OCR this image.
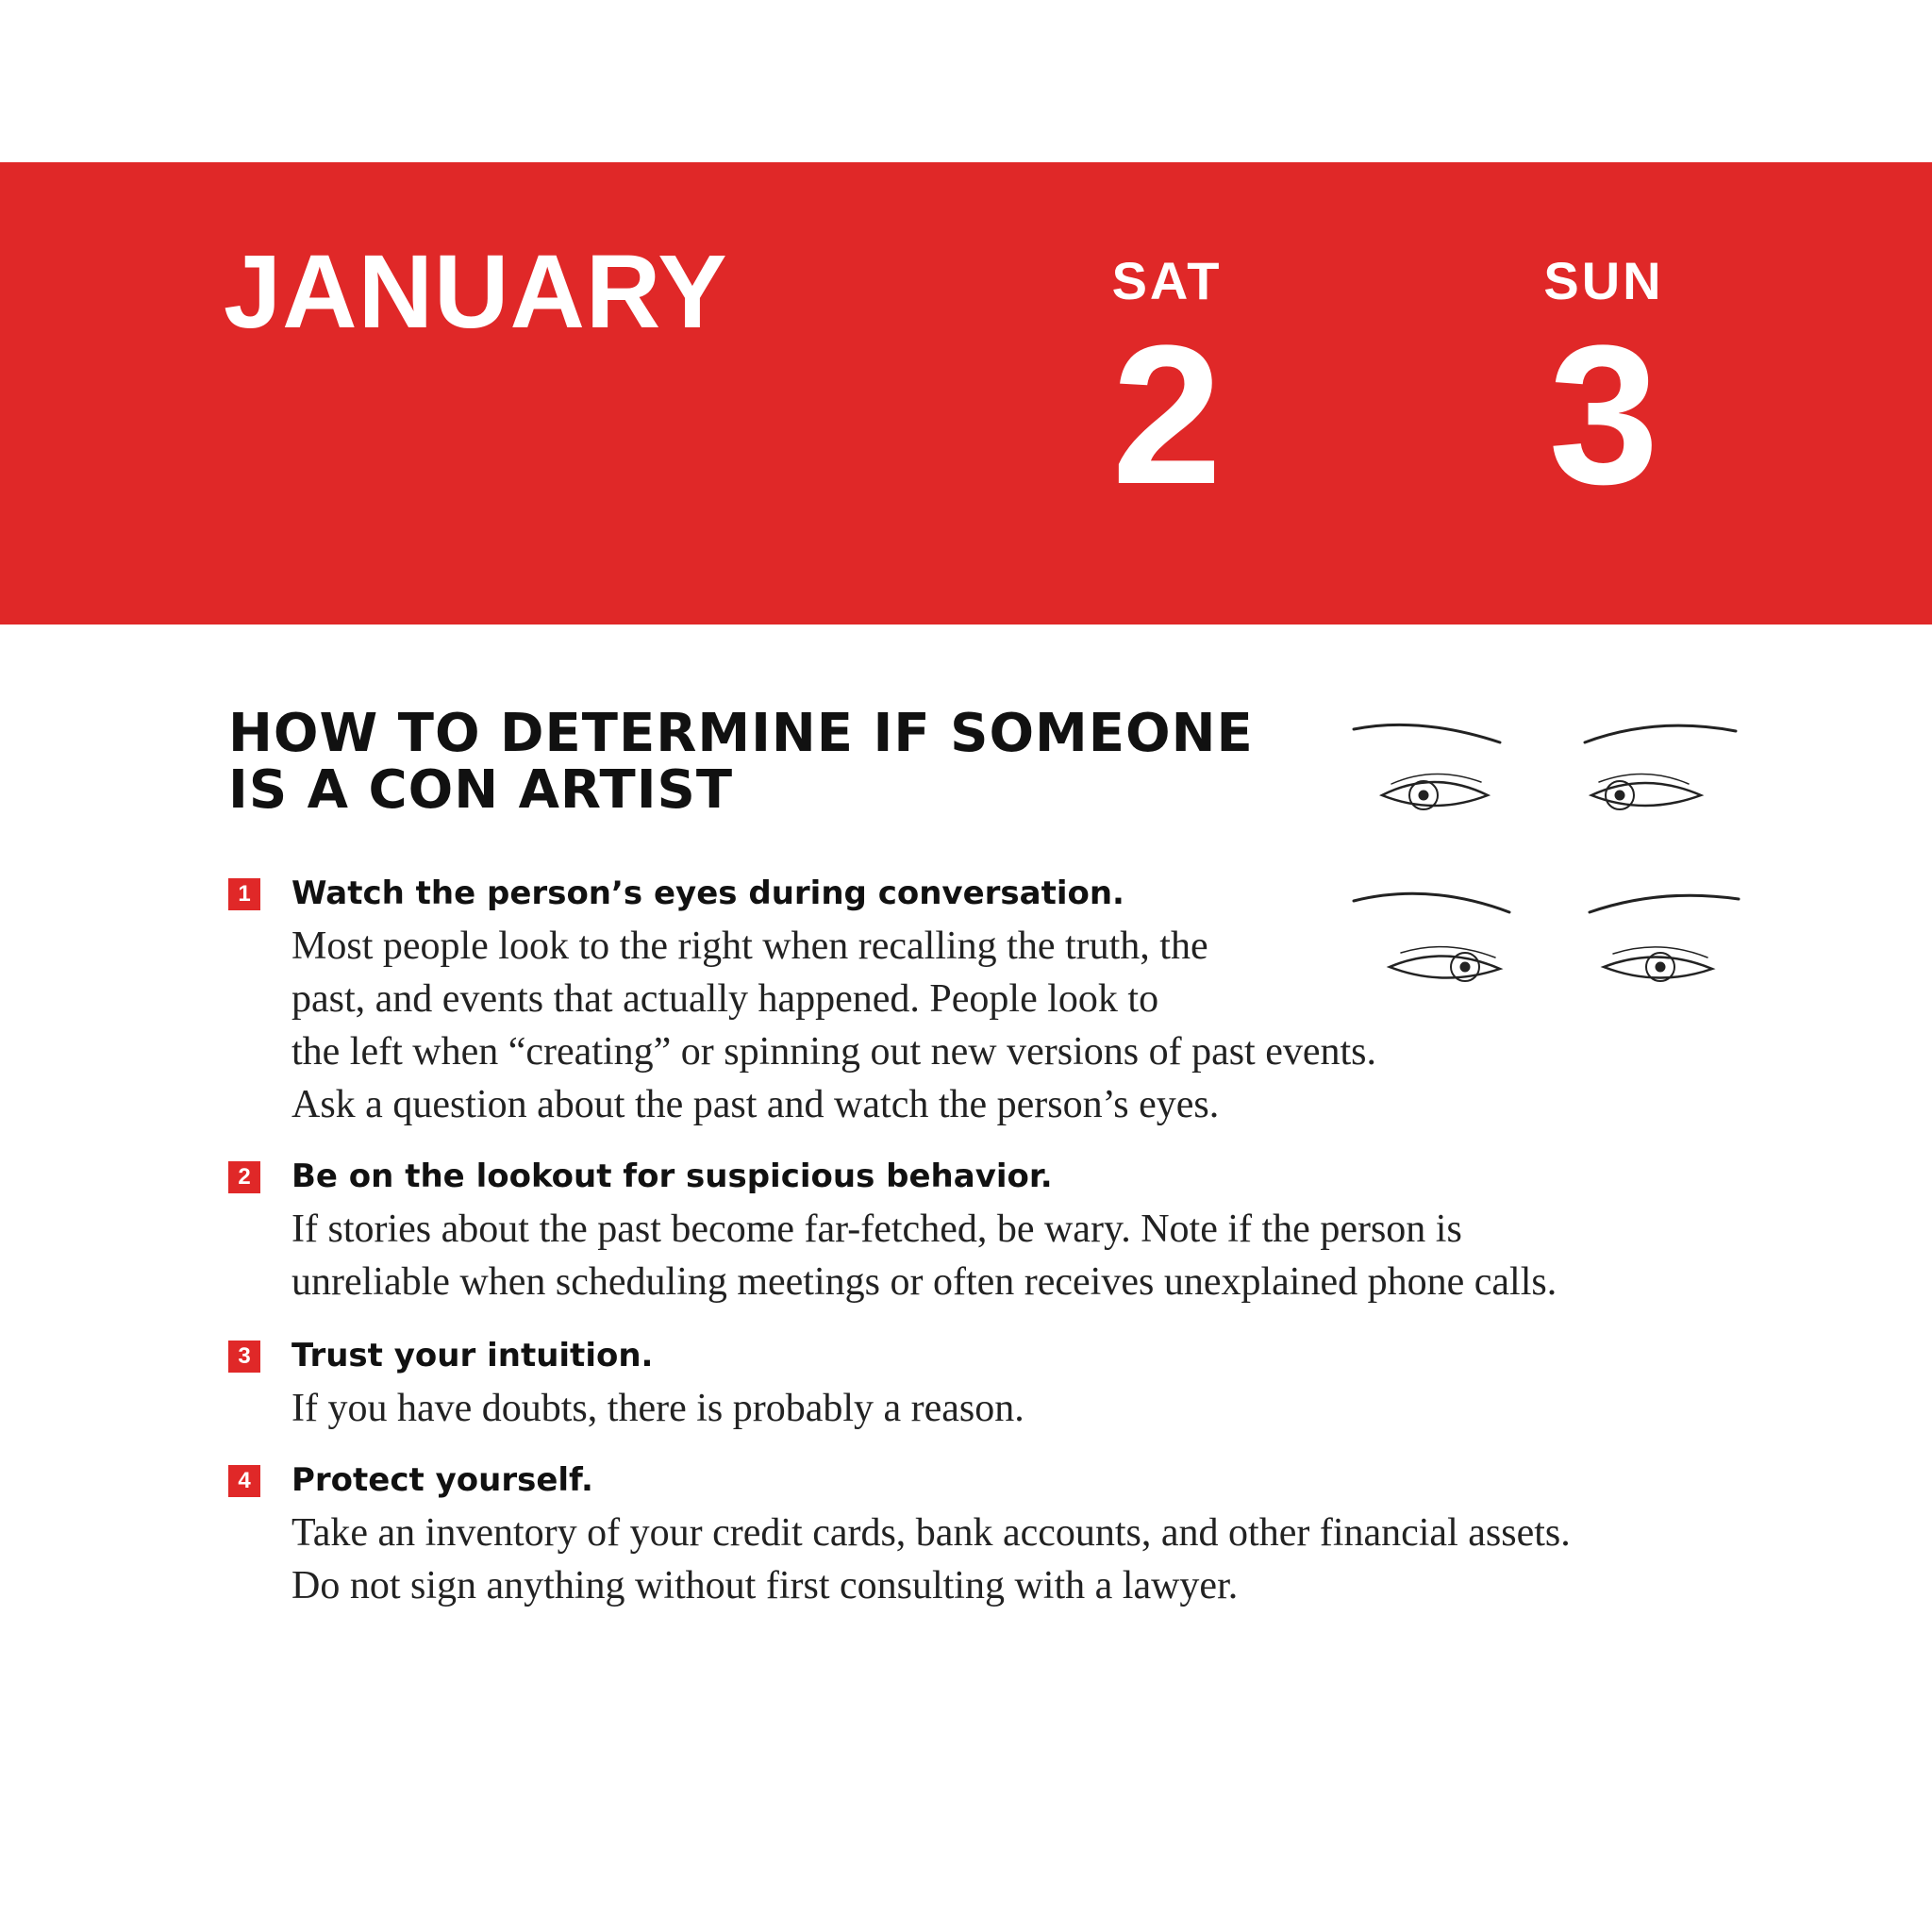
JANUARY	SAT
2
SUN
3
HOW TO DETERMINE IF SOMEONE
IS A CON ARTIST
1	Watch the person’s eyes during conversation.
Most people look to the right when recalling the truth, the
past, and events that actually happened. People look to
the left when “creating” or spinning out new versions of past events.
Ask a question about the past and watch the person’s eyes.
2	Be on the lookout for suspicious behavior.
If stories about the past become far-fetched, be wary. Note if the person is
unreliable when scheduling meetings or often receives unexplained phone calls.
3	Trust your intuition.
If you have doubts, there is probably a reason.
4	Protect yourself.
Take an inventory of your credit cards, bank accounts, and other financial assets.
Do not sign anything without first consulting with a lawyer.
